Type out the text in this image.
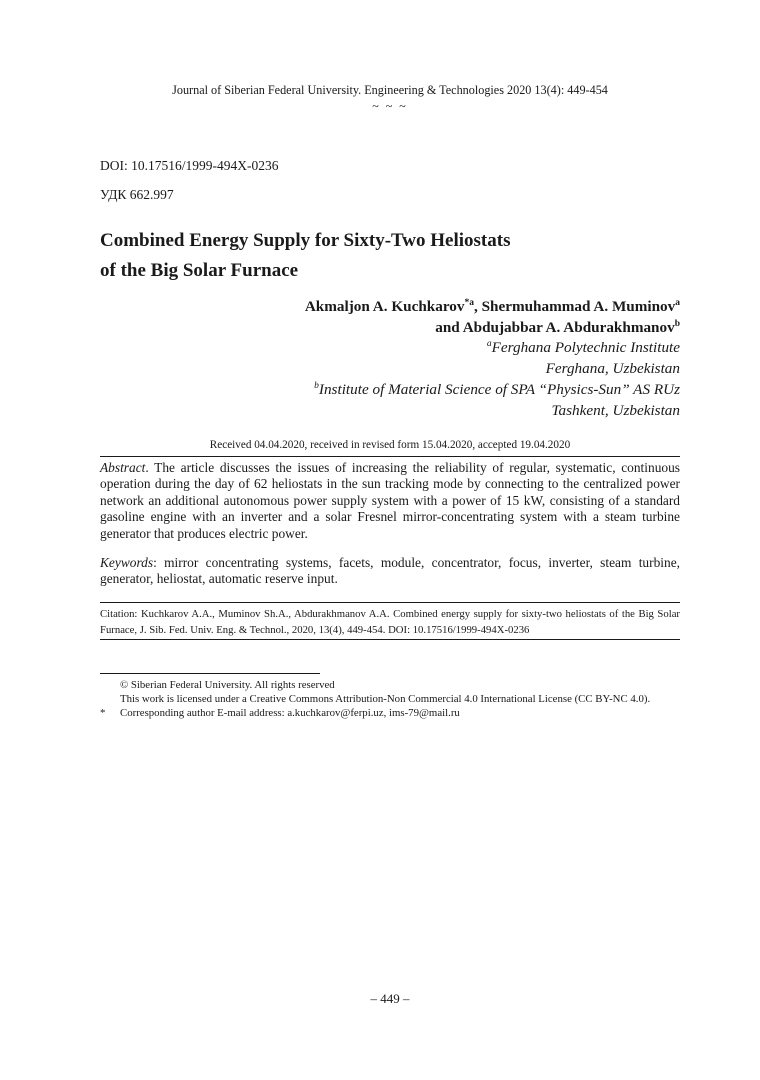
Journal of Siberian Federal University. Engineering & Technologies 2020 13(4): 449-454
~ ~ ~
DOI: 10.17516/1999-494X-0236
УДК 662.997
Combined Energy Supply for Sixty-Two Heliostats
of the Big Solar Furnace
Akmaljon A. Kuchkarov$^{*a}$, Shermuhammad A. Muminov$^a$
and Abdujabbar A. Abdurakhmanov$^b$
$^a$Ferghana Polytechnic Institute
Ferghana, Uzbekistan
$^b$Institute of Material Science of SPA “Physics-Sun” AS RUz
Tashkent, Uzbekistan
Received 04.04.2020, received in revised form 15.04.2020, accepted 19.04.2020
Abstract. The article discusses the issues of increasing the reliability of regular, systematic, continuous operation during the day of 62 heliostats in the sun tracking mode by connecting to the centralized power network an additional autonomous power supply system with a power of 15 kW, consisting of a standard gasoline engine with an inverter and a solar Fresnel mirror-concentrating system with a steam turbine generator that produces electric power.
Keywords: mirror concentrating systems, facets, module, concentrator, focus, inverter, steam turbine, generator, heliostat, automatic reserve input.
Citation: Kuchkarov A.A., Muminov Sh.A., Abdurakhmanov A.A. Combined energy supply for sixty-two heliostats of the Big Solar Furnace, J. Sib. Fed. Univ. Eng. & Technol., 2020, 13(4), 449-454. DOI: 10.17516/1999-494X-0236
© Siberian Federal University. All rights reserved
This work is licensed under a Creative Commons Attribution-Non Commercial 4.0 International License (CC BY-NC 4.0).
* Corresponding author E-mail address: a.kuchkarov@ferpi.uz, ims-79@mail.ru
– 449 –
